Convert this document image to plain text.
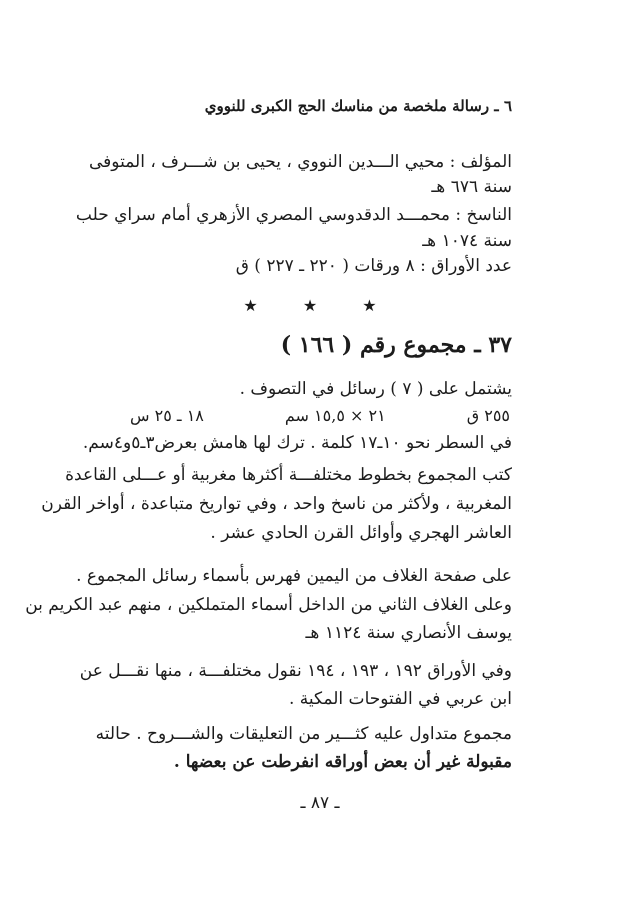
٦ ـ رسالة ملخصة من مناسك الحج الكبرى للنووي
المؤلف : محيي الـــدين النووي ، يحيى بن شـــرف ، المتوفى
سنة ٦٧٦ هـ
الناسخ : محمـــد الدقدوسي المصري الأزهري أمام سراي حلب
سنة ١٠٧٤ هـ
عدد الأوراق : ٨ ورقات ( ٢٢٠ ـ ٢٢٧ ) ق
★ ★ ★
٣٧ ـ مجموع رقم ( ١٦٦ )
يشتمل على ( ٧ ) رسائل في التصوف .
٢٥٥ ق
٢١ × ١٥,٥ سم
١٨ ـ ٢٥ س
في السطر نحو ١٠ـ١٧ كلمة . ترك لها هامش بعرض٣ـ٥و٤سم.
كتب المجموع بخطوط مختلفـــة أكثرها مغربية أو عـــلى القاعدة
المغربية ، ولأكثر من ناسخ واحد ، وفي تواريخ متباعدة ، أواخر القرن
العاشر الهجري وأوائل القرن الحادي عشر .
على صفحة الغلاف من اليمين فهرس بأسماء رسائل المجموع .
وعلى الغلاف الثاني من الداخل أسماء المتملكين ، منهم عبد الكريم بن
يوسف الأنصاري سنة ١١٢٤ هـ
وفي الأوراق ١٩٢ ، ١٩٣ ، ١٩٤ نقول مختلفـــة ، منها نقـــل عن
ابن عربي في الفتوحات المكية .
مجموع متداول عليه كثـــير من التعليقات والشـــروح . حالته
مقبولة غير أن بعض أوراقه انفرطت عن بعضها .
ـ ٨٧ ـ
